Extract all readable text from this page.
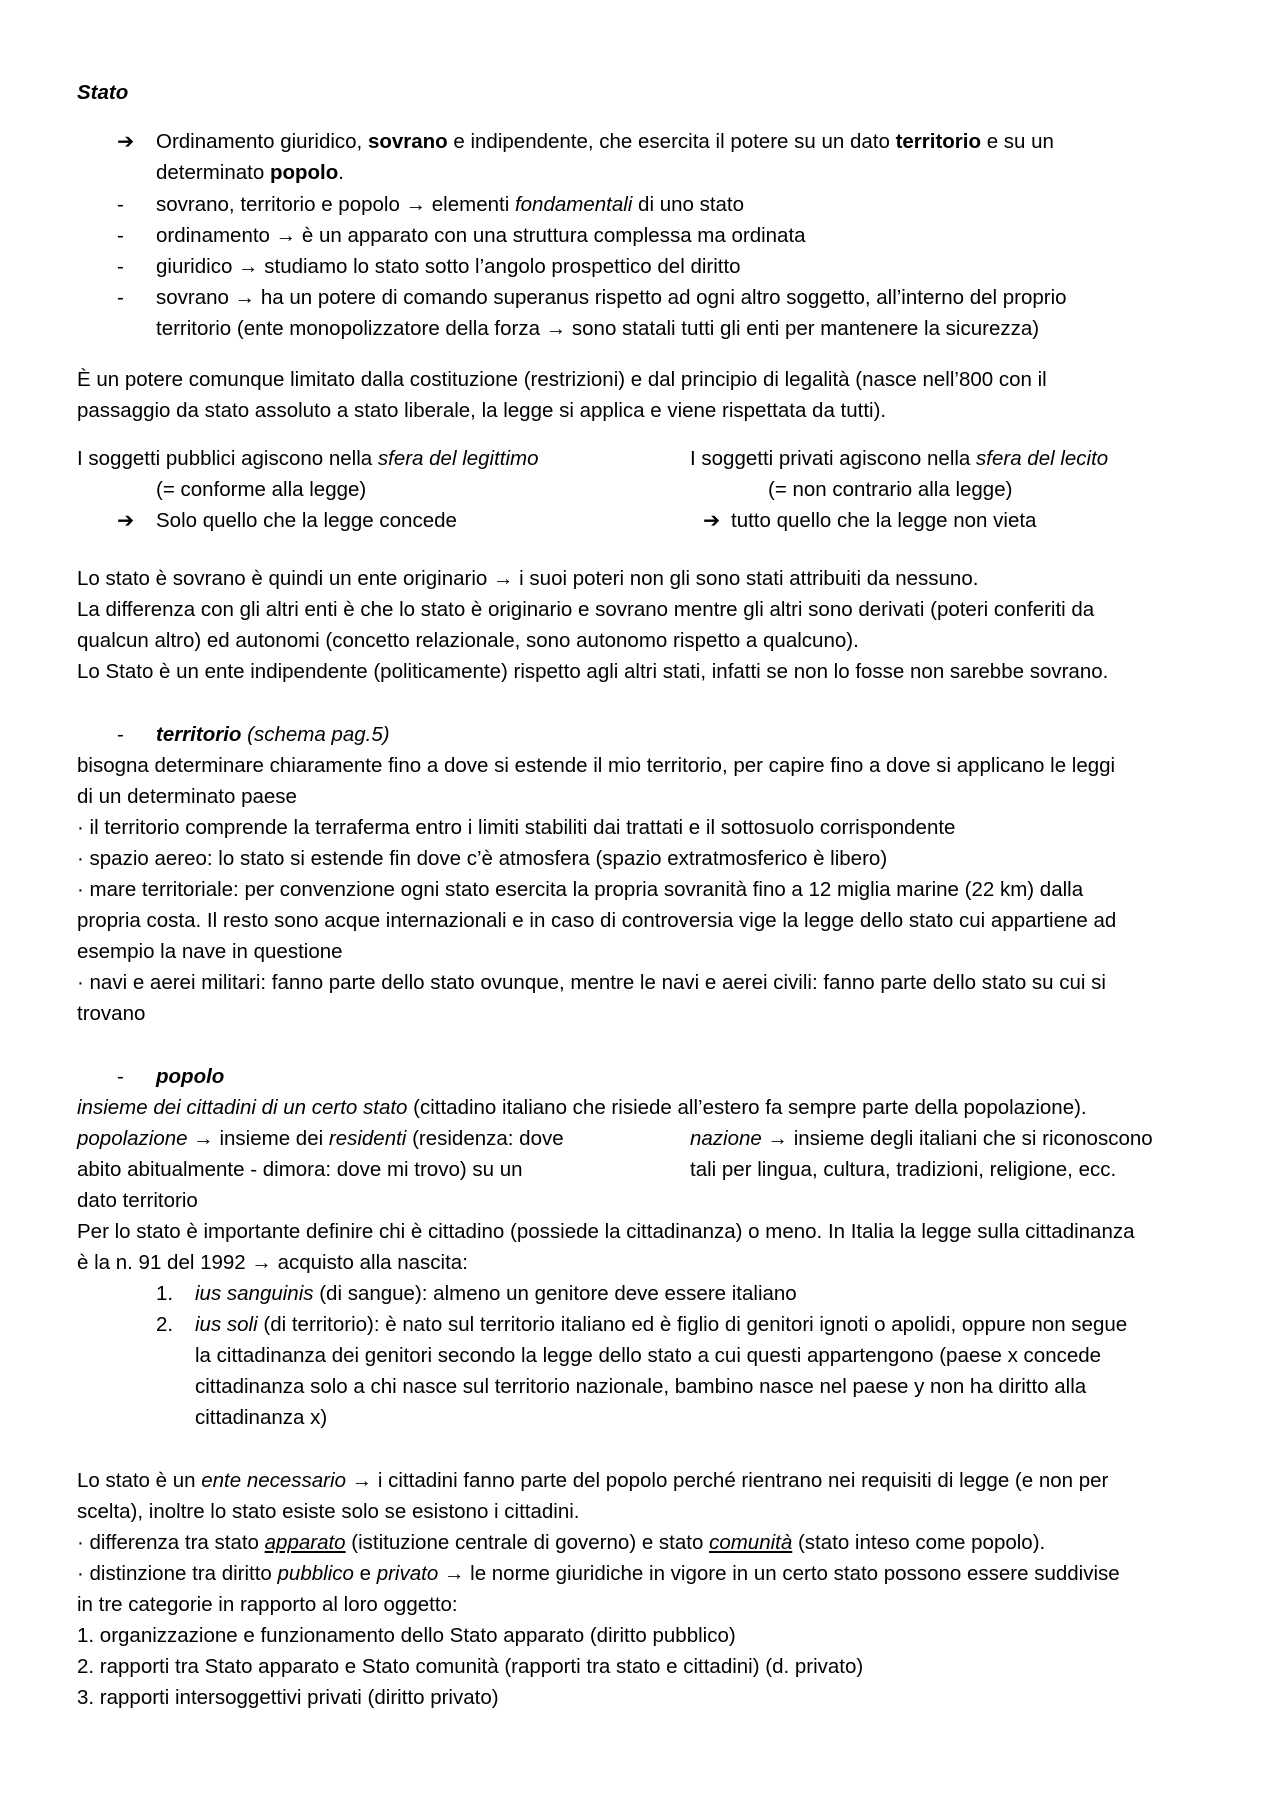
Stato
➔ Ordinamento giuridico, sovrano e indipendente, che esercita il potere su un dato territorio e su un
determinato popolo.
- sovrano, territorio e popolo → elementi fondamentali di uno stato
- ordinamento → è un apparato con una struttura complessa ma ordinata
- giuridico → studiamo lo stato sotto l’angolo prospettico del diritto
- sovrano → ha un potere di comando superanus rispetto ad ogni altro soggetto, all’interno del proprio
territorio (ente monopolizzatore della forza → sono statali tutti gli enti per mantenere la sicurezza)
È un potere comunque limitato dalla costituzione (restrizioni) e dal principio di legalità (nasce nell’800 con il
passaggio da stato assoluto a stato liberale, la legge si applica e viene rispettata da tutti).
I soggetti pubblici agiscono nella sfera del legittimo
(= conforme alla legge)
➔ Solo quello che la legge concede
I soggetti privati agiscono nella sfera del lecito
(= non contrario alla legge)
➔ tutto quello che la legge non vieta
Lo stato è sovrano è quindi un ente originario → i suoi poteri non gli sono stati attribuiti da nessuno.
La differenza con gli altri enti è che lo stato è originario e sovrano mentre gli altri sono derivati (poteri conferiti da
qualcun altro) ed autonomi (concetto relazionale, sono autonomo rispetto a qualcuno).
Lo Stato è un ente indipendente (politicamente) rispetto agli altri stati, infatti se non lo fosse non sarebbe sovrano.
- territorio (schema pag.5)
bisogna determinare chiaramente fino a dove si estende il mio territorio, per capire fino a dove si applicano le leggi
di un determinato paese
· il territorio comprende la terraferma entro i limiti stabiliti dai trattati e il sottosuolo corrispondente
· spazio aereo: lo stato si estende fin dove c’è atmosfera (spazio extratmosferico è libero)
· mare territoriale: per convenzione ogni stato esercita la propria sovranità fino a 12 miglia marine (22 km) dalla
propria costa. Il resto sono acque internazionali e in caso di controversia vige la legge dello stato cui appartiene ad
esempio la nave in questione
· navi e aerei militari: fanno parte dello stato ovunque, mentre le navi e aerei civili: fanno parte dello stato su cui si
trovano
- popolo
insieme dei cittadini di un certo stato (cittadino italiano che risiede all’estero fa sempre parte della popolazione).
popolazione → insieme dei residenti (residenza: dove
abito abitualmente - dimora: dove mi trovo) su un
dato territorio
nazione → insieme degli italiani che si riconoscono
tali per lingua, cultura, tradizioni, religione, ecc.
Per lo stato è importante definire chi è cittadino (possiede la cittadinanza) o meno. In Italia la legge sulla cittadinanza
è la n. 91 del 1992 → acquisto alla nascita:
1. ius sanguinis (di sangue): almeno un genitore deve essere italiano
2. ius soli (di territorio): è nato sul territorio italiano ed è figlio di genitori ignoti o apolidi, oppure non segue
la cittadinanza dei genitori secondo la legge dello stato a cui questi appartengono (paese x concede
cittadinanza solo a chi nasce sul territorio nazionale, bambino nasce nel paese y non ha diritto alla
cittadinanza x)
Lo stato è un ente necessario → i cittadini fanno parte del popolo perché rientrano nei requisiti di legge (e non per
scelta), inoltre lo stato esiste solo se esistono i cittadini.
· differenza tra stato apparato (istituzione centrale di governo) e stato comunità (stato inteso come popolo).
· distinzione tra diritto pubblico e privato → le norme giuridiche in vigore in un certo stato possono essere suddivise
in tre categorie in rapporto al loro oggetto:
1. organizzazione e funzionamento dello Stato apparato (diritto pubblico)
2. rapporti tra Stato apparato e Stato comunità (rapporti tra stato e cittadini) (d. privato)
3. rapporti intersoggettivi privati (diritto privato)
